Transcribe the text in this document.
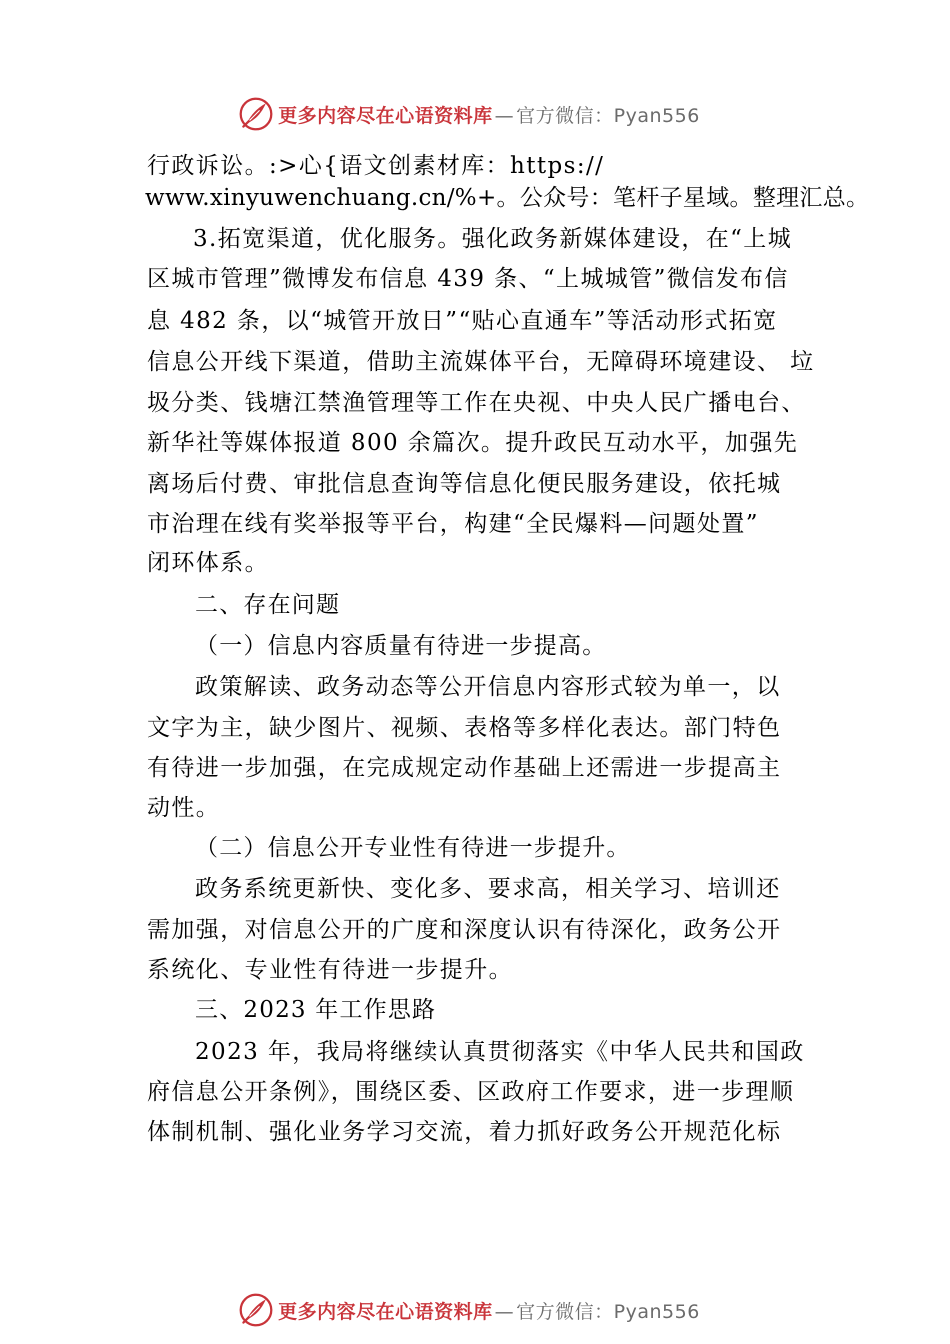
更多内容尽在心语资料库 — 官方微信：Pyan556
行政诉讼。:>心{语文创素材库：https://
www.xinyuwenchuang.cn/%+。公众号：笔杆子星域。整理汇总。
3.拓宽渠道，优化服务。强化政务新媒体建设，在“上城
区城市管理”微博发布信息 439 条、“上城城管”微信发布信
息 482 条，以“城管开放日”“贴心直通车”等活动形式拓宽
信息公开线下渠道，借助主流媒体平台，无障碍环境建设、 垃
圾分类、钱塘江禁渔管理等工作在央视、中央人民广播电台、
新华社等媒体报道 800 余篇次。提升政民互动水平，加强先
离场后付费、审批信息查询等信息化便民服务建设，依托城
市治理在线有奖举报等平台，构建“全民爆料—问题处置”
闭环体系。
二、存在问题
（一）信息内容质量有待进一步提高。
政策解读、政务动态等公开信息内容形式较为单一，以
文字为主，缺少图片、视频、表格等多样化表达。部门特色
有待进一步加强，在完成规定动作基础上还需进一步提高主
动性。
（二）信息公开专业性有待进一步提升。
政务系统更新快、变化多、要求高，相关学习、培训还
需加强，对信息公开的广度和深度认识有待深化，政务公开
系统化、专业性有待进一步提升。
三、2023 年工作思路
2023 年，我局将继续认真贯彻落实《中华人民共和国政
府信息公开条例》，围绕区委、区政府工作要求，进一步理顺
体制机制、强化业务学习交流，着力抓好政务公开规范化标
更多内容尽在心语资料库 — 官方微信：Pyan556
